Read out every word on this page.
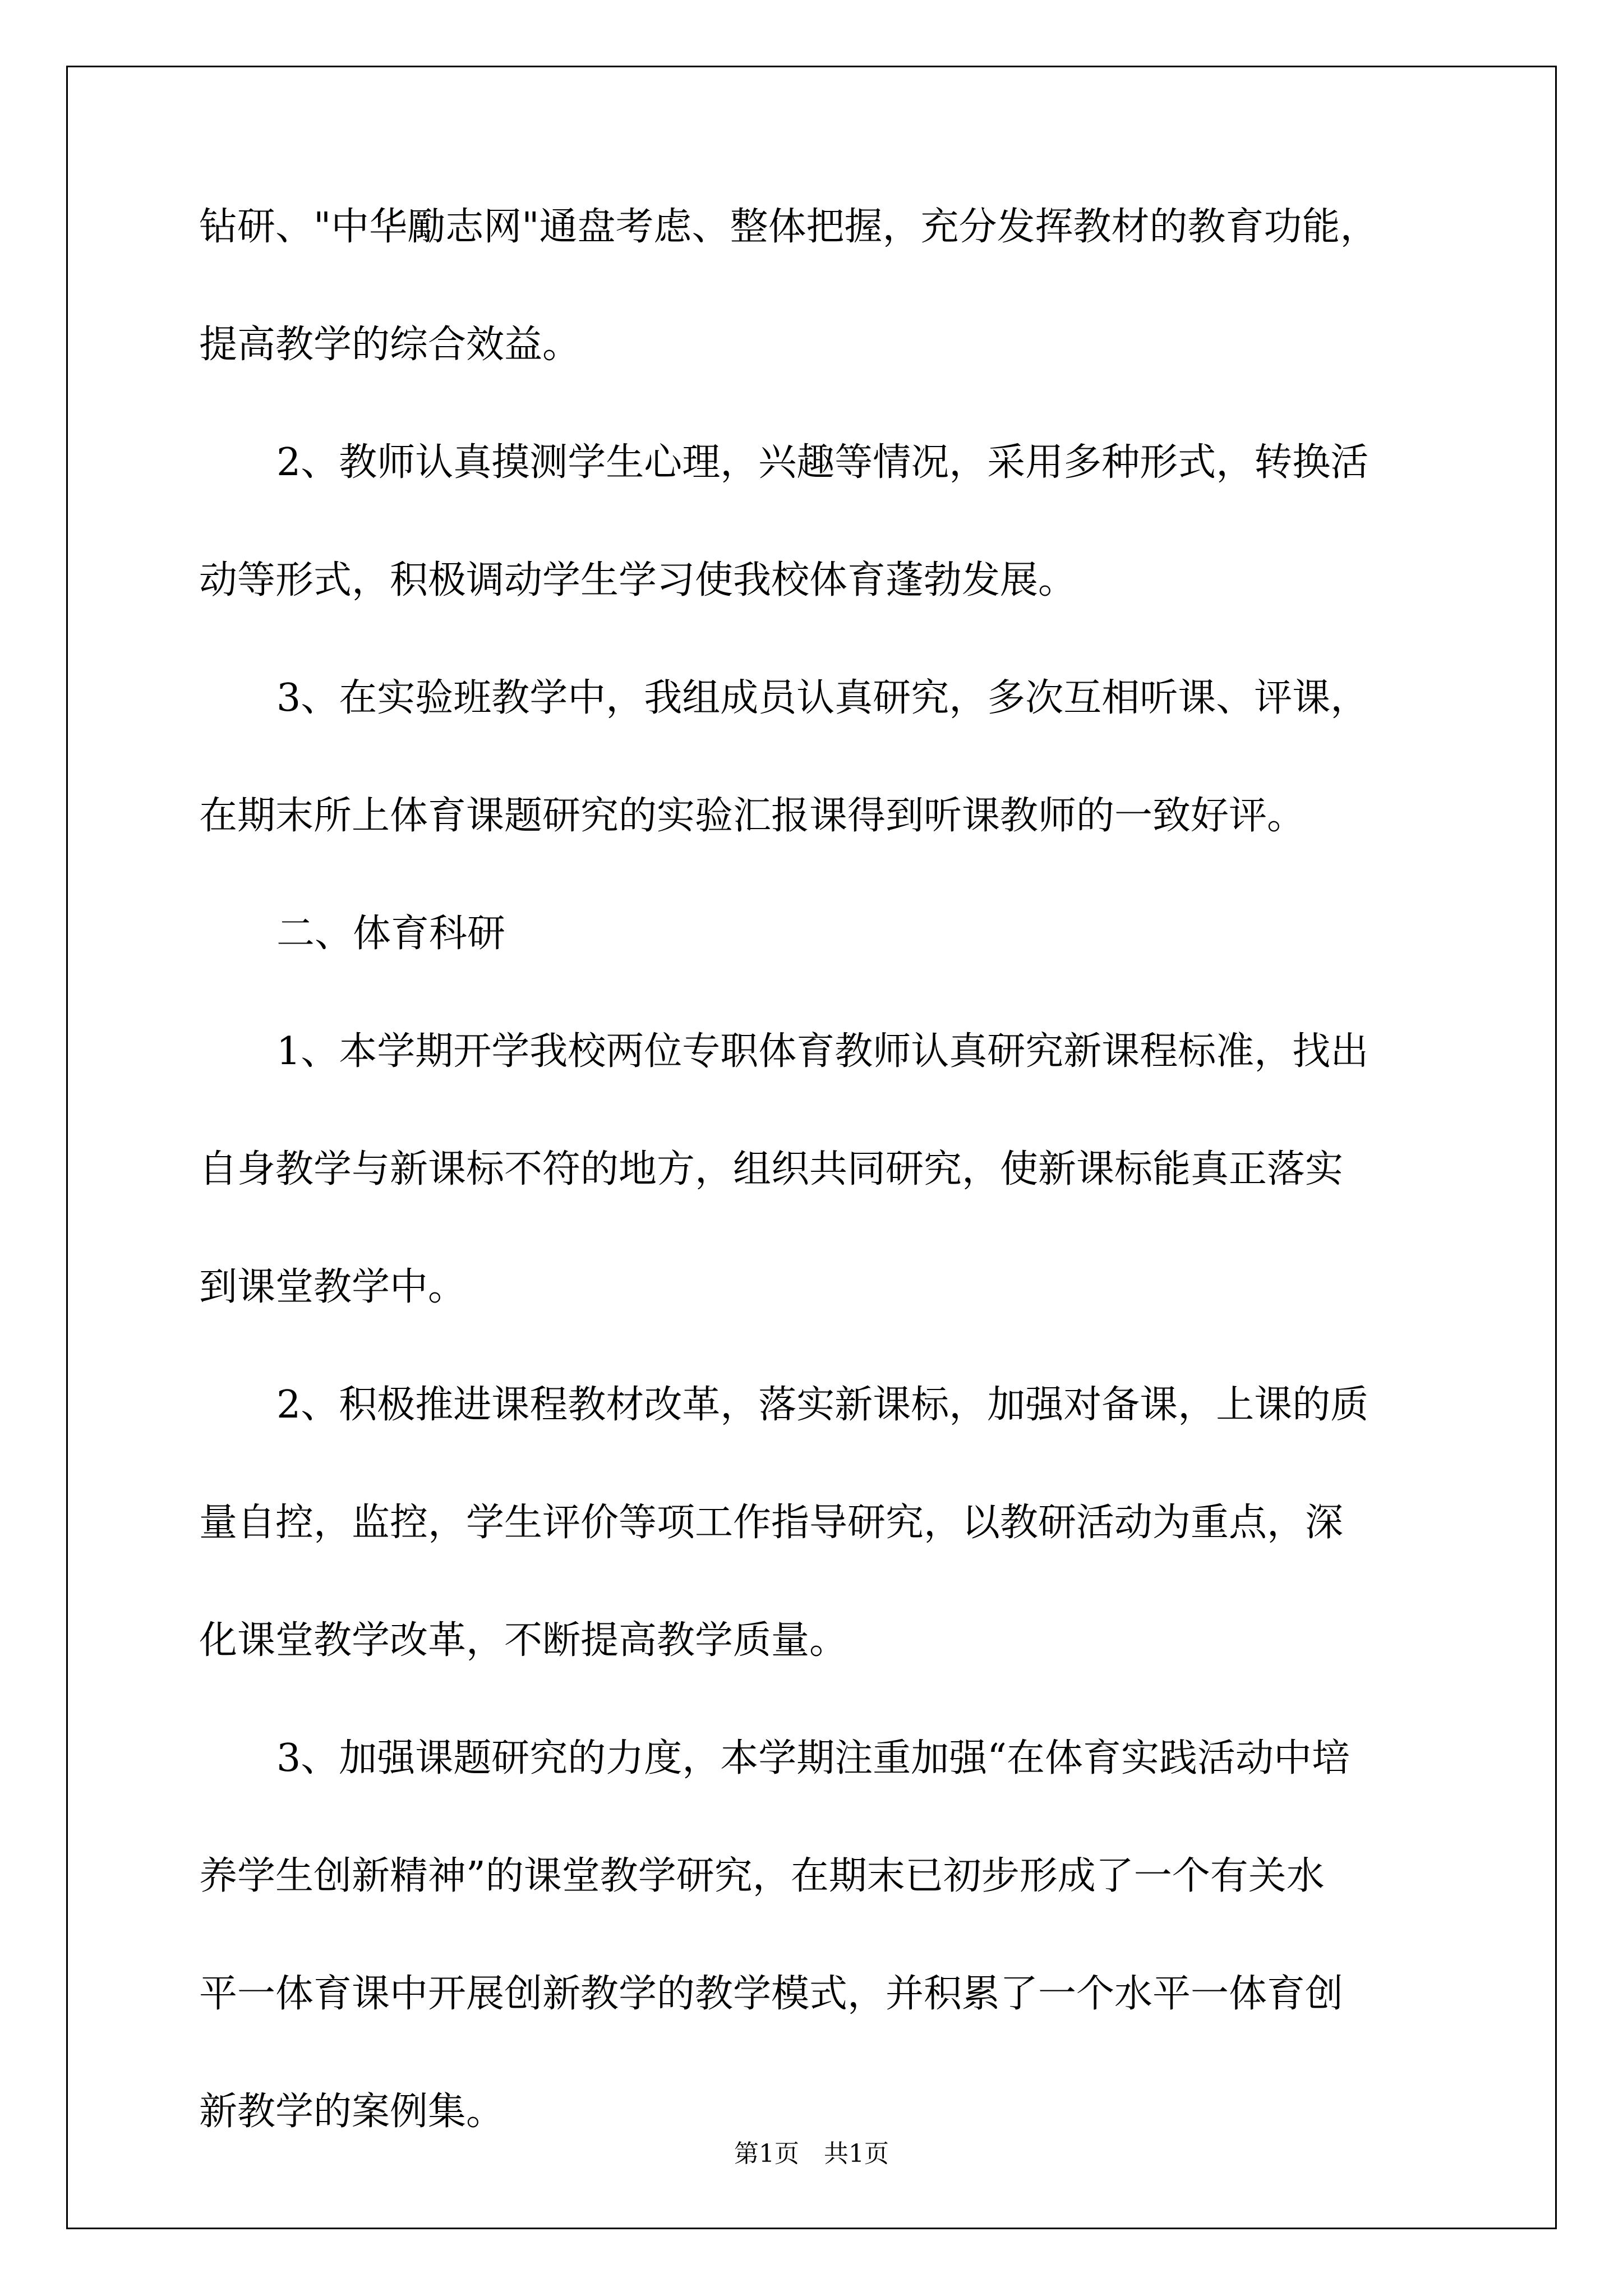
钻研、"中华勵志网"通盘考虑、整体把握，充分发挥教材的教育功能，
提高教学的综合效益。
2、教师认真摸测学生心理，兴趣等情况，采用多种形式，转换活
动等形式，积极调动学生学习使我校体育蓬勃发展。
3、在实验班教学中，我组成员认真研究，多次互相听课、评课，
在期末所上体育课题研究的实验汇报课得到听课教师的一致好评。
二、体育科研
1、本学期开学我校两位专职体育教师认真研究新课程标准，找出
自身教学与新课标不符的地方，组织共同研究，使新课标能真正落实
到课堂教学中。
2、积极推进课程教材改革，落实新课标，加强对备课，上课的质
量自控，监控，学生评价等项工作指导研究，以教研活动为重点，深
化课堂教学改革，不断提高教学质量。
3、加强课题研究的力度，本学期注重加强“在体育实践活动中培
养学生创新精神”的课堂教学研究，在期末已初步形成了一个有关水
平一体育课中开展创新教学的教学模式，并积累了一个水平一体育创
新教学的案例集。
第1页　共1页
